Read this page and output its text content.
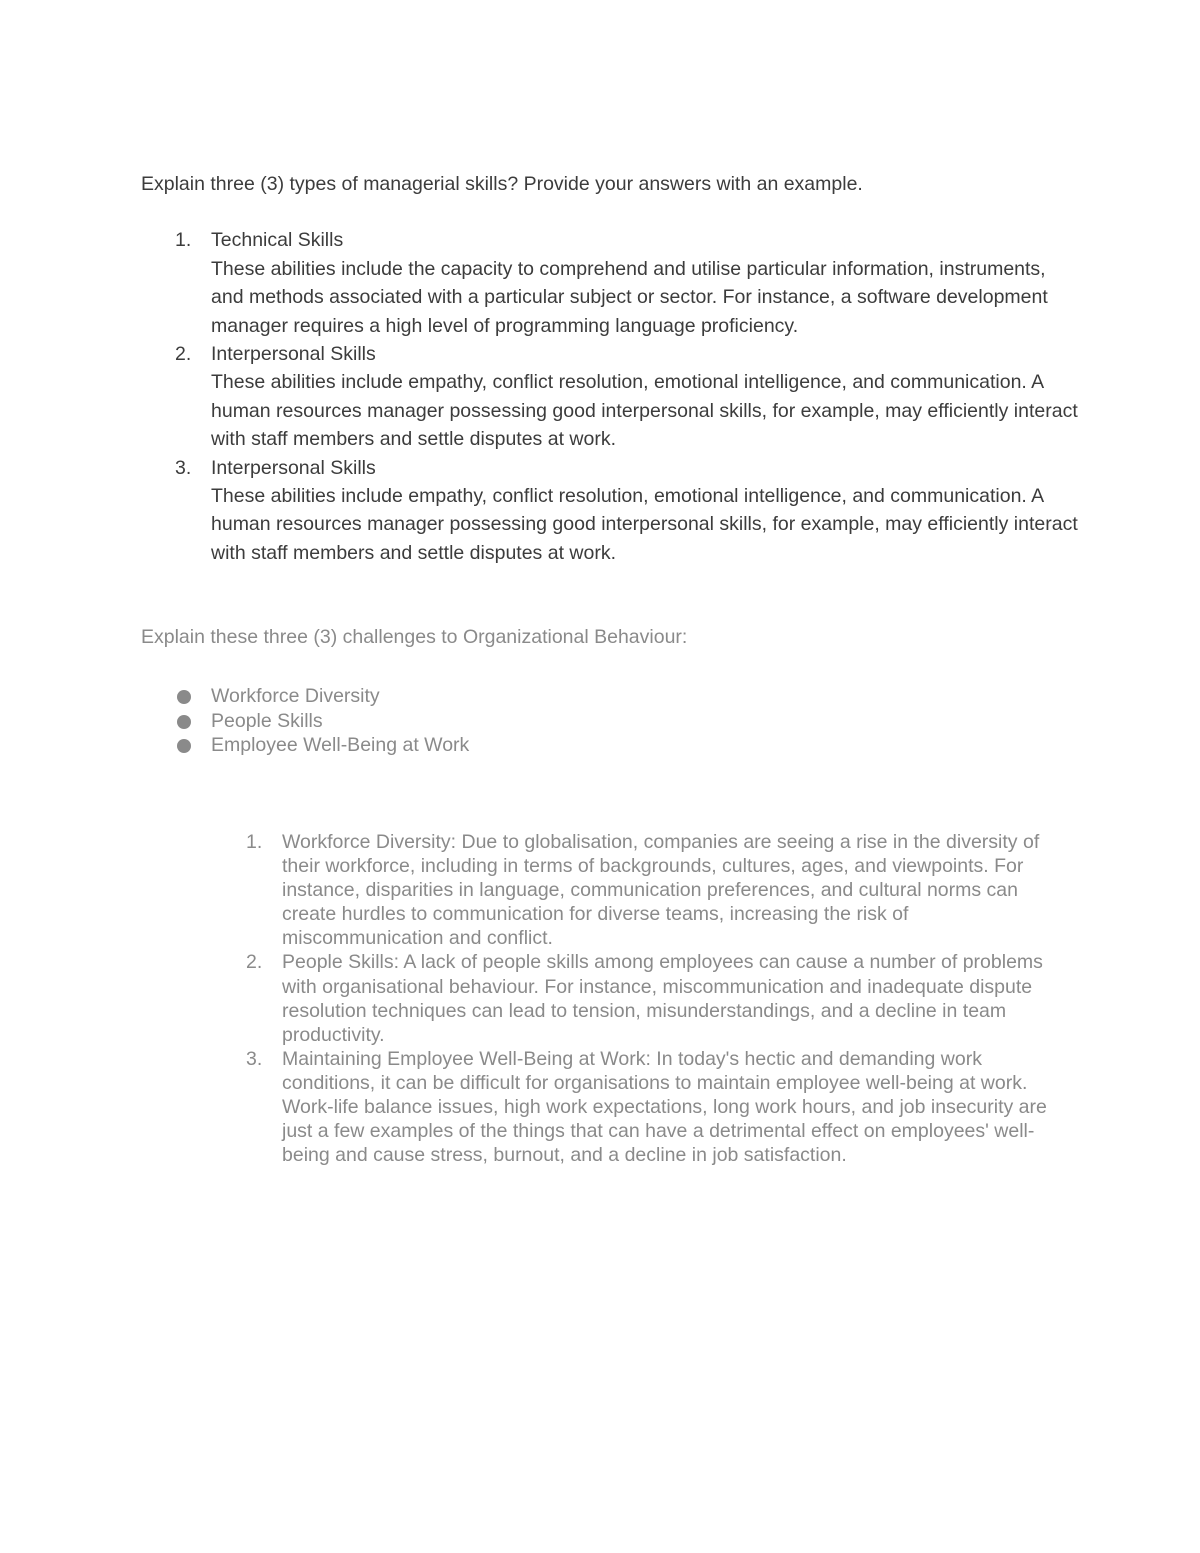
Explain three (3) types of managerial skills? Provide your answers with an example.

1. Technical Skills
These abilities include the capacity to comprehend and utilise particular information, instruments, and methods associated with a particular subject or sector. For instance, a software development manager requires a high level of programming language proficiency.
2. Interpersonal Skills
These abilities include empathy, conflict resolution, emotional intelligence, and communication. A human resources manager possessing good interpersonal skills, for example, may efficiently interact with staff members and settle disputes at work.
3. Interpersonal Skills
These abilities include empathy, conflict resolution, emotional intelligence, and communication. A human resources manager possessing good interpersonal skills, for example, may efficiently interact with staff members and settle disputes at work.

Explain these three (3) challenges to Organizational Behaviour:

Workforce Diversity
People Skills
Employee Well-Being at Work
1. Workforce Diversity: Due to globalisation, companies are seeing a rise in the diversity of their workforce, including in terms of backgrounds, cultures, ages, and viewpoints. For instance, disparities in language, communication preferences, and cultural norms can create hurdles to communication for diverse teams, increasing the risk of miscommunication and conflict.
2. People Skills: A lack of people skills among employees can cause a number of problems with organisational behaviour. For instance, miscommunication and inadequate dispute resolution techniques can lead to tension, misunderstandings, and a decline in team productivity.
3. Maintaining Employee Well-Being at Work: In today's hectic and demanding work conditions, it can be difficult for organisations to maintain employee well-being at work. Work-life balance issues, high work expectations, long work hours, and job insecurity are just a few examples of the things that can have a detrimental effect on employees' well-being and cause stress, burnout, and a decline in job satisfaction.
